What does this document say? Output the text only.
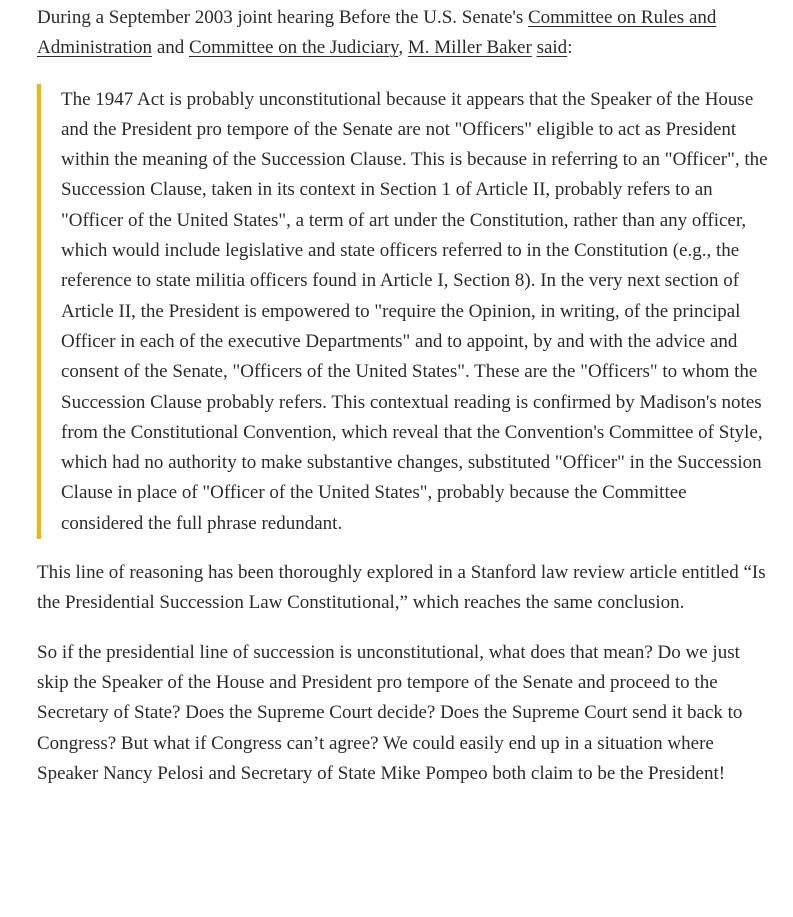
During a September 2003 joint hearing Before the U.S. Senate's Committee on Rules and Administration and Committee on the Judiciary, M. Miller Baker said:

The 1947 Act is probably unconstitutional because it appears that the Speaker of the House and the President pro tempore of the Senate are not "Officers" eligible to act as President within the meaning of the Succession Clause. This is because in referring to an "Officer", the Succession Clause, taken in its context in Section 1 of Article II, probably refers to an "Officer of the United States", a term of art under the Constitution, rather than any officer, which would include legislative and state officers referred to in the Constitution (e.g., the reference to state militia officers found in Article I, Section 8). In the very next section of Article II, the President is empowered to "require the Opinion, in writing, of the principal Officer in each of the executive Departments" and to appoint, by and with the advice and consent of the Senate, "Officers of the United States". These are the "Officers" to whom the Succession Clause probably refers. This contextual reading is confirmed by Madison's notes from the Constitutional Convention, which reveal that the Convention's Committee of Style, which had no authority to make substantive changes, substituted "Officer" in the Succession Clause in place of "Officer of the United States", probably because the Committee considered the full phrase redundant.

This line of reasoning has been thoroughly explored in a Stanford law review article entitled “Is the Presidential Succession Law Constitutional,” which reaches the same conclusion.

So if the presidential line of succession is unconstitutional, what does that mean? Do we just skip the Speaker of the House and President pro tempore of the Senate and proceed to the Secretary of State? Does the Supreme Court decide? Does the Supreme Court send it back to Congress? But what if Congress can’t agree? We could easily end up in a situation where Speaker Nancy Pelosi and Secretary of State Mike Pompeo both claim to be the President!
